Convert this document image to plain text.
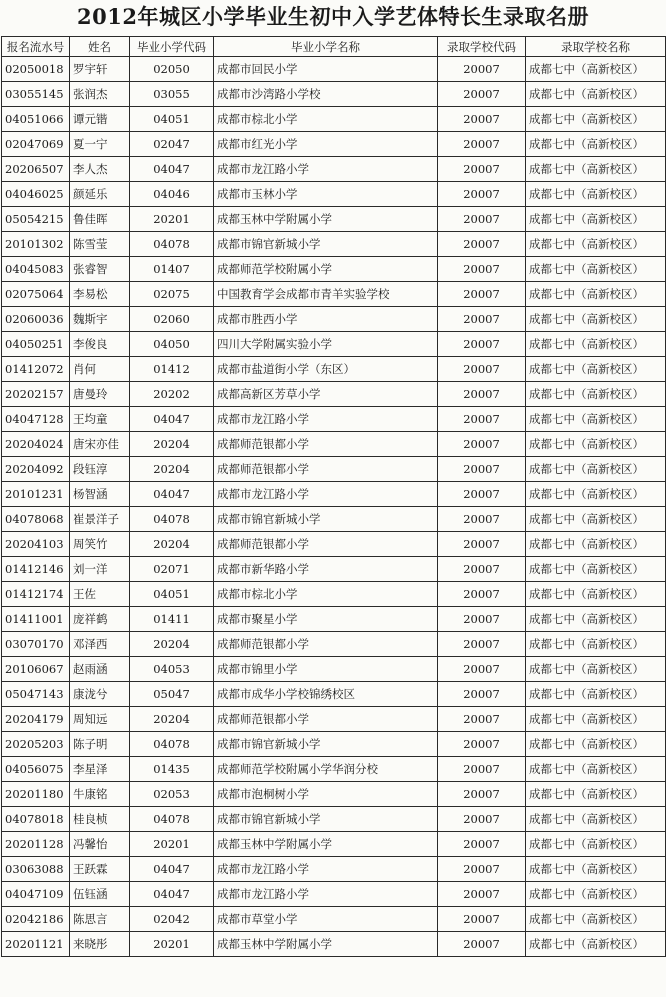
2012年城区小学毕业生初中入学艺体特长生录取名册
报名流水号	姓名	毕业小学代码	毕业小学名称	录取学校代码	录取学校名称
02050018	罗宇轩	02050	成都市回民小学	20007	成都七中（高新校区）
03055145	张润杰	03055	成都市沙湾路小学校	20007	成都七中（高新校区）
04051066	谭元锴	04051	成都市棕北小学	20007	成都七中（高新校区）
02047069	夏一宁	02047	成都市红光小学	20007	成都七中（高新校区）
20206507	李人杰	04047	成都市龙江路小学	20007	成都七中（高新校区）
04046025	颜延乐	04046	成都市玉林小学	20007	成都七中（高新校区）
05054215	鲁佳晖	20201	成都玉林中学附属小学	20007	成都七中（高新校区）
20101302	陈雪莹	04078	成都市锦官新城小学	20007	成都七中（高新校区）
04045083	张睿智	01407	成都师范学校附属小学	20007	成都七中（高新校区）
02075064	李易松	02075	中国教育学会成都市青羊实验学校	20007	成都七中（高新校区）
02060036	魏斯宇	02060	成都市胜西小学	20007	成都七中（高新校区）
04050251	李俊良	04050	四川大学附属实验小学	20007	成都七中（高新校区）
01412072	肖何	01412	成都市盐道街小学（东区）	20007	成都七中（高新校区）
20202157	唐曼玲	20202	成都高新区芳草小学	20007	成都七中（高新校区）
04047128	王均童	04047	成都市龙江路小学	20007	成都七中（高新校区）
20204024	唐宋亦佳	20204	成都师范银都小学	20007	成都七中（高新校区）
20204092	段钰淳	20204	成都师范银都小学	20007	成都七中（高新校区）
20101231	杨智涵	04047	成都市龙江路小学	20007	成都七中（高新校区）
04078068	崔景洋子	04078	成都市锦官新城小学	20007	成都七中（高新校区）
20204103	周笑竹	20204	成都师范银都小学	20007	成都七中（高新校区）
01412146	刘一洋	02071	成都市新华路小学	20007	成都七中（高新校区）
01412174	王佐	04051	成都市棕北小学	20007	成都七中（高新校区）
01411001	庞祥鹤	01411	成都市聚星小学	20007	成都七中（高新校区）
03070170	邓泽西	20204	成都师范银都小学	20007	成都七中（高新校区）
20106067	赵雨涵	04053	成都市锦里小学	20007	成都七中（高新校区）
05047143	康泷兮	05047	成都市成华小学校锦绣校区	20007	成都七中（高新校区）
20204179	周知远	20204	成都师范银都小学	20007	成都七中（高新校区）
20205203	陈子明	04078	成都市锦官新城小学	20007	成都七中（高新校区）
04056075	李星泽	01435	成都师范学校附属小学华润分校	20007	成都七中（高新校区）
20201180	牛康铭	02053	成都市泡桐树小学	20007	成都七中（高新校区）
04078018	桂良桢	04078	成都市锦官新城小学	20007	成都七中（高新校区）
20201128	冯馨怡	20201	成都玉林中学附属小学	20007	成都七中（高新校区）
03063088	王跃霖	04047	成都市龙江路小学	20007	成都七中（高新校区）
04047109	伍钰涵	04047	成都市龙江路小学	20007	成都七中（高新校区）
02042186	陈思言	02042	成都市草堂小学	20007	成都七中（高新校区）
20201121	来晓彤	20201	成都玉林中学附属小学	20007	成都七中（高新校区）
